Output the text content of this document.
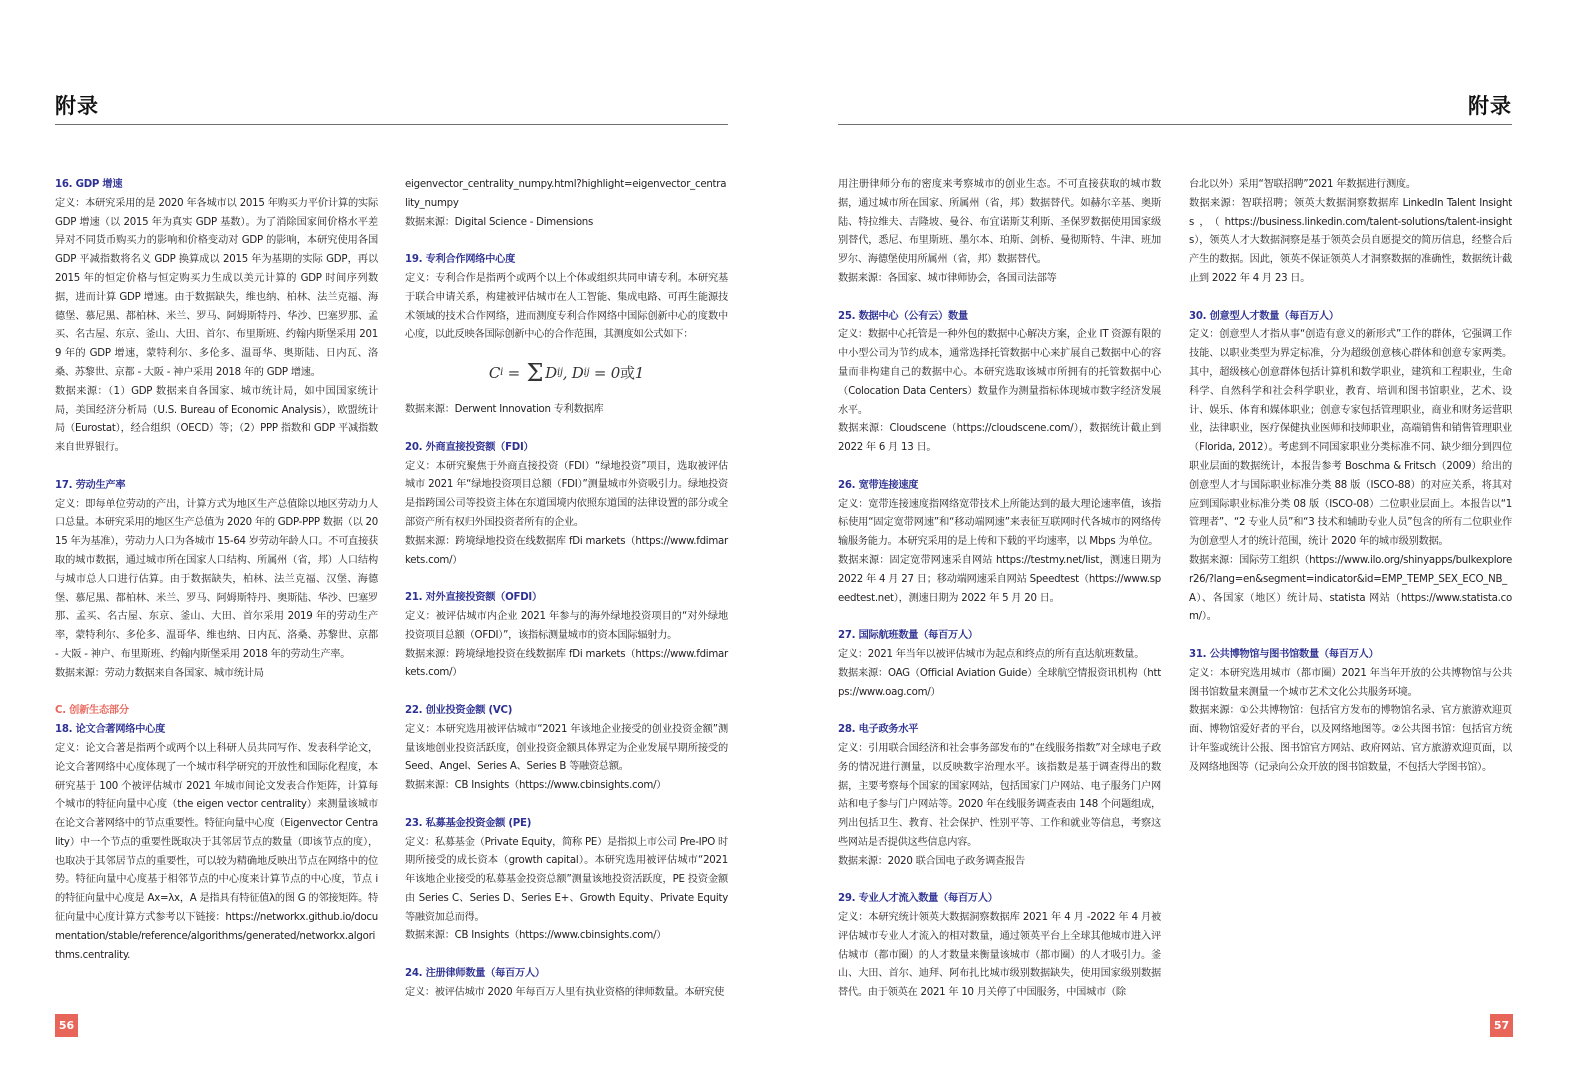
附录	附录

16. GDP 增速

定义：本研究采用的是 2020 年各城市以 2015 年购买力平价计算的实际 GDP 增速（以 2015 年为真实 GDP 基数）。为了消除国家间价格水平差异对不同货币购买力的影响和价格变动对 GDP 的影响，本研究使用各国 GDP 平减指数将名义 GDP 换算成以 2015 年为基期的实际 GDP，再以 2015 年的恒定价格与恒定购买力生成以美元计算的 GDP 时间序列数据，进而计算 GDP 增速。由于数据缺失，维也纳、柏林、法兰克福、海德堡、慕尼黑、都柏林、米兰、罗马、阿姆斯特丹、华沙、巴塞罗那、孟买、名古屋、东京、釜山、大田、首尔、布里斯班、约翰内斯堡采用 2019 年的 GDP 增速，蒙特利尔、多伦多、温哥华、奥斯陆、日内瓦、洛桑、苏黎世、京都 - 大阪 - 神户采用 2018 年的 GDP 增速。

数据来源：（1）GDP 数据来自各国家、城市统计局，如中国国家统计局，美国经济分析局（U.S. Bureau of Economic Analysis），欧盟统计局（Eurostat），经合组织（OECD）等；（2）PPP 指数和 GDP 平减指数来自世界银行。

17. 劳动生产率

定义：即每单位劳动的产出，计算方式为地区生产总值除以地区劳动力人口总量。本研究采用的地区生产总值为 2020 年的 GDP-PPP 数据（以 2015 年为基准），劳动力人口为各城市 15-64 岁劳动年龄人口。不可直接获取的城市数据，通过城市所在国家人口结构、所属州（省，邦）人口结构与城市总人口进行估算。由于数据缺失，柏林、法兰克福、汉堡、海德堡、慕尼黑、都柏林、米兰、罗马、阿姆斯特丹、奥斯陆、华沙、巴塞罗那、孟买、名古屋、东京、釜山、大田、首尔采用 2019 年的劳动生产率，蒙特利尔、多伦多、温哥华、维也纳、日内瓦、洛桑、苏黎世、京都 - 大阪 - 神户、布里斯班、约翰内斯堡采用 2018 年的劳动生产率。

数据来源：劳动力数据来自各国家、城市统计局

C. 创新生态部分

18. 论文合著网络中心度

定义：论文合著是指两个或两个以上科研人员共同写作、发表科学论文，论文合著网络中心度体现了一个城市科学研究的开放性和国际化程度，本研究基于 100 个被评估城市 2021 年城市间论文发表合作矩阵，计算每个城市的特征向量中心度（the eigen vector centrality）来测量该城市在论文合著网络中的节点重要性。特征向量中心度（Eigenvector Centrality）中一个节点的重要性既取决于其邻居节点的数量（即该节点的度），也取决于其邻居节点的重要性，可以较为精确地反映出节点在网络中的位势。特征向量中心度基于相邻节点的中心度来计算节点的中心度，节点 i 的特征向量中心度是 Ax=λx，A 是指具有特征值λ的图 G 的邻接矩阵。特征向量中心度计算方式参考以下链接：https://networkx.github.io/documentation/stable/reference/algorithms/generated/networkx.algorithms.centrality.

eigenvector_centrality_numpy.html?highlight=eigenvector_centrality_numpy

数据来源：Digital Science - Dimensions

19. 专利合作网络中心度

定义：专利合作是指两个或两个以上个体或组织共同申请专利。本研究基于联合申请关系，构建被评估城市在人工智能、集成电路、可再生能源技术领域的技术合作网络，进而测度专利合作网络中国际创新中心的度数中心度，以此反映各国际创新中心的合作范围，其测度如公式如下：

C i = Σ D ij , D ij = 0 或 1

数据来源：Derwent Innovation 专利数据库

20. 外商直接投资额（FDI）

定义：本研究聚焦于外商直接投资（FDI）“绿地投资”项目，选取被评估城市 2021 年“绿地投资项目总额（FDI）”测量城市外资吸引力。绿地投资是指跨国公司等投资主体在东道国境内依照东道国的法律设置的部分或全部资产所有权归外国投资者所有的企业。

数据来源：跨境绿地投资在线数据库 fDi markets（https://www.fdimarkets.com/）

21. 对外直接投资额（OFDI）

定义：被评估城市内企业 2021 年参与的海外绿地投资项目的“对外绿地投资项目总额（OFDI）”，该指标测量城市的资本国际辐射力。

数据来源：跨境绿地投资在线数据库 fDi markets（https://www.fdimarkets.com/）

22. 创业投资金额 (VC)

定义：本研究选用被评估城市“2021 年该地企业接受的创业投资金额”测量该地创业投资活跃度，创业投资金额具体界定为企业发展早期所接受的 Seed、Angel、Series A、Series B 等融资总额。

数据来源：CB Insights（https://www.cbinsights.com/）

23. 私募基金投资金额 (PE)

定义：私募基金（Private Equity，简称 PE）是指拟上市公司 Pre-IPO 时期所接受的成长资本（growth capital）。本研究选用被评估城市“2021 年该地企业接受的私募基金投资总额”测量该地投资活跃度，PE 投资金额由 Series C、Series D、Series E+、Growth Equity、Private Equity 等融资加总而得。

数据来源：CB Insights（https://www.cbinsights.com/）

24. 注册律师数量（每百万人）

定义：被评估城市 2020 年每百万人里有执业资格的律师数量。本研究使

用注册律师分布的密度来考察城市的创业生态。不可直接获取的城市数据，通过城市所在国家、所属州（省，邦）数据替代。如赫尔辛基、奥斯陆、特拉维夫、吉隆坡、曼谷、布宜诺斯艾利斯、圣保罗数据使用国家级别替代，悉尼、布里斯班、墨尔本、珀斯、剑桥、曼彻斯特、牛津、班加罗尔、海德堡使用所属州（省，邦）数据替代。

数据来源：各国家、城市律师协会，各国司法部等

25. 数据中心（公有云）数量

定义：数据中心托管是一种外包的数据中心解决方案，企业 IT 资源有限的中小型公司为节约成本，通常选择托管数据中心来扩展自己数据中心的容量而非构建自己的数据中心。本研究选取该城市所拥有的托管数据中心（Colocation Data Centers）数量作为测量指标体现城市数字经济发展水平。

数据来源：Cloudscene（https://cloudscene.com/），数据统计截止到 2022 年 6 月 13 日。

26. 宽带连接速度

定义：宽带连接速度指网络宽带技术上所能达到的最大理论速率值，该指标使用“固定宽带网速”和“移动端网速”来表征互联网时代各城市的网络传输服务能力。本研究采用的是上传和下载的平均速率，以 Mbps 为单位。

数据来源：固定宽带网速采自网站 https://testmy.net/list，测速日期为 2022 年 4 月 27 日；移动端网速采自网站 Speedtest（https://www.speedtest.net），测速日期为 2022 年 5 月 20 日。

27. 国际航班数量（每百万人）

定义：2021 年当年以被评估城市为起点和终点的所有直达航班数量。

数据来源：OAG（Official Aviation Guide）全球航空情报资讯机构（https://www.oag.com/）

28. 电子政务水平

定义：引用联合国经济和社会事务部发布的“在线服务指数”对全球电子政务的情况进行测量，以反映数字治理水平。该指数是基于调查得出的数据，主要考察每个国家的国家网站，包括国家门户网站、电子服务门户网站和电子参与门户网站等。2020 年在线服务调查表由 148 个问题组成，列出包括卫生、教育、社会保护、性别平等、工作和就业等信息，考察这些网站是否提供这些信息内容。

数据来源：2020 联合国电子政务调查报告

29. 专业人才流入数量（每百万人）

定义：本研究统计领英大数据洞察数据库 2021 年 4 月 -2022 年 4 月被评估城市专业人才流入的相对数量，通过领英平台上全球其他城市进入评估城市（都市圈）的人才数量来衡量该城市（都市圈）的人才吸引力。釜山、大田、首尔、迪拜、阿布扎比城市级别数据缺失，使用国家级别数据替代。由于领英在 2021 年 10 月关停了中国服务，中国城市（除

台北以外）采用“智联招聘”2021 年数据进行测度。

数据来源：智联招聘；领英大数据洞察数据库 LinkedIn Talent Insights，（https://business.linkedin.com/talent-solutions/talent-insights），领英人才大数据洞察是基于领英会员自愿提交的简历信息，经整合后产生的数据。因此，领英不保证领英人才洞察数据的准确性，数据统计截止到 2022 年 4 月 23 日。

30. 创意型人才数量（每百万人）

定义：创意型人才指从事“创造有意义的新形式”工作的群体，它强调工作技能、以职业类型为界定标准，分为超级创意核心群体和创意专家两类。其中，超级核心创意群体包括计算机和数学职业，建筑和工程职业，生命科学、自然科学和社会科学职业，教育、培训和图书馆职业，艺术、设计、娱乐、体育和媒体职业；创意专家包括管理职业，商业和财务运营职业，法律职业，医疗保健执业医师和技师职业，高端销售和销售管理职业（Florida, 2012）。考虑到不同国家职业分类标准不同、缺少细分到四位职业层面的数据统计，本报告参考 Boschma & Fritsch（2009）给出的创意型人才与国际职业标准分类 88 版（ISCO-88）的对应关系，将其对应到国际职业标准分类 08 版（ISCO-08）二位职业层面上。本报告以“1 管理者”、“2 专业人员”和“3 技术和辅助专业人员”包含的所有二位职业作为创意型人才的统计范围，统计 2020 年的城市级别数据。

数据来源：国际劳工组织（https://www.ilo.org/shinyapps/bulkexplorer26/?lang=en&segment=indicator&id=EMP_TEMP_SEX_ECO_NB_A）、各国家（地区）统计局、statista 网站（https://www.statista.com/）。

31. 公共博物馆与图书馆数量（每百万人）

定义：本研究选用城市（都市圈）2021 年当年开放的公共博物馆与公共图书馆数量来测量一个城市艺术文化公共服务环境。

数据来源：①公共博物馆：包括官方发布的博物馆名录、官方旅游欢迎页面、博物馆爱好者的平台，以及网络地图等。②公共图书馆：包括官方统计年鉴或统计公报、图书馆官方网站、政府网站、官方旅游欢迎页面，以及网络地图等（记录向公众开放的图书馆数量，不包括大学图书馆）。

56	57
